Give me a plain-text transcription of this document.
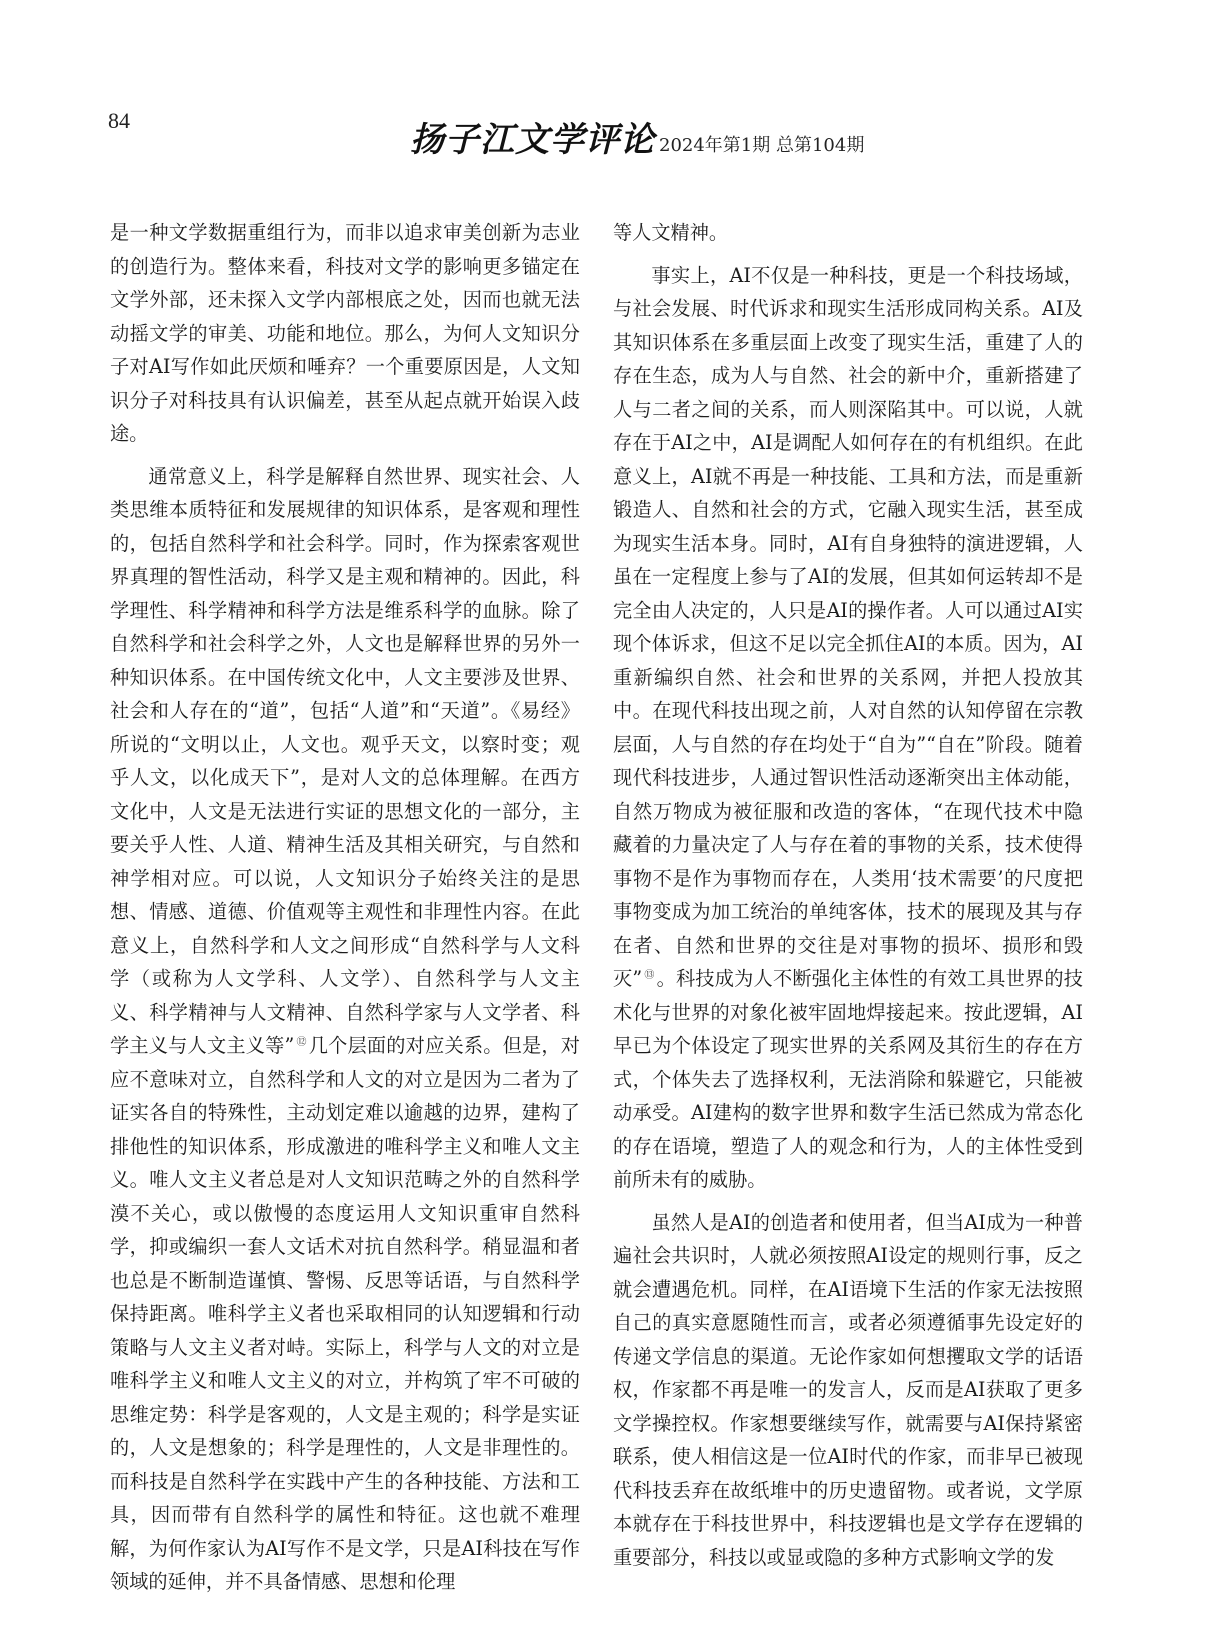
84	扬子江文学评论 2024年第1期 总第104期

是一种文学数据重组行为，而非以追求审美创新为志业的创造行为。整体来看，科技对文学的影响更多锚定在文学外部，还未探入文学内部根底之处，因而也就无法动摇文学的审美、功能和地位。那么，为何人文知识分子对AI写作如此厌烦和唾弃？一个重要原因是，人文知识分子对科技具有认识偏差，甚至从起点就开始误入歧途。

通常意义上，科学是解释自然世界、现实社会、人类思维本质特征和发展规律的知识体系，是客观和理性的，包括自然科学和社会科学。同时，作为探索客观世界真理的智性活动，科学又是主观和精神的。因此，科学理性、科学精神和科学方法是维系科学的血脉。除了自然科学和社会科学之外，人文也是解释世界的另外一种知识体系。在中国传统文化中，人文主要涉及世界、社会和人存在的“道”，包括“人道”和“天道”。《易经》所说的“文明以止，人文也。观乎天文，以察时变；观乎人文，以化成天下”，是对人文的总体理解。在西方文化中，人文是无法进行实证的思想文化的一部分，主要关乎人性、人道、精神生活及其相关研究，与自然和神学相对应。可以说，人文知识分子始终关注的是思想、情感、道德、价值观等主观性和非理性内容。在此意义上，自然科学和人文之间形成“自然科学与人文科学（或称为人文学科、人文学）、自然科学与人文主义、科学精神与人文精神、自然科学家与人文学者、科学主义与人文主义等” ⑫ 几个层面的对应关系。但是，对应不意味对立，自然科学和人文的对立是因为二者为了证实各自的特殊性，主动划定难以逾越的边界，建构了排他性的知识体系，形成激进的唯科学主义和唯人文主义。唯人文主义者总是对人文知识范畴之外的自然科学漠不关心，或以傲慢的态度运用人文知识重审自然科学，抑或编织一套人文话术对抗自然科学。稍显温和者也总是不断制造谨慎、警惕、反思等话语，与自然科学保持距离。唯科学主义者也采取相同的认知逻辑和行动策略与人文主义者对峙。实际上，科学与人文的对立是唯科学主义和唯人文主义的对立，并构筑了牢不可破的思维定势：科学是客观的，人文是主观的；科学是实证的，人文是想象的；科学是理性的，人文是非理性的。而科技是自然科学在实践中产生的各种技能、方法和工具，因而带有自然科学的属性和特征。这也就不难理解，为何作家认为AI写作不是文学，只是AI科技在写作领域的延伸，并不具备情感、思想和伦理

等人文精神。

事实上，AI不仅是一种科技，更是一个科技场域，与社会发展、时代诉求和现实生活形成同构关系。AI及其知识体系在多重层面上改变了现实生活，重建了人的存在生态，成为人与自然、社会的新中介，重新搭建了人与二者之间的关系，而人则深陷其中。可以说，人就存在于AI之中，AI是调配人如何存在的有机组织。在此意义上，AI就不再是一种技能、工具和方法，而是重新锻造人、自然和社会的方式，它融入现实生活，甚至成为现实生活本身。同时，AI有自身独特的演进逻辑，人虽在一定程度上参与了AI的发展，但其如何运转却不是完全由人决定的，人只是AI的操作者。人可以通过AI实现个体诉求，但这不足以完全抓住AI的本质。因为，AI重新编织自然、社会和世界的关系网，并把人投放其中。在现代科技出现之前，人对自然的认知停留在宗教层面，人与自然的存在均处于“自为”“自在”阶段。随着现代科技进步，人通过智识性活动逐渐突出主体动能，自然万物成为被征服和改造的客体，“在现代技术中隐藏着的力量决定了人与存在着的事物的关系，技术使得事物不是作为事物而存在，人类用‘技术需要’的尺度把事物变成为加工统治的单纯客体，技术的展现及其与存在者、自然和世界的交往是对事物的损坏、损形和毁灭” ⑬ 。科技成为人不断强化主体性的有效工具世界的技术化与世界的对象化被牢固地焊接起来。按此逻辑，AI早已为个体设定了现实世界的关系网及其衍生的存在方式，个体失去了选择权利，无法消除和躲避它，只能被动承受。AI建构的数字世界和数字生活已然成为常态化的存在语境，塑造了人的观念和行为，人的主体性受到前所未有的威胁。

虽然人是AI的创造者和使用者，但当AI成为一种普遍社会共识时，人就必须按照AI设定的规则行事，反之就会遭遇危机。同样，在AI语境下生活的作家无法按照自己的真实意愿随性而言，或者必须遵循事先设定好的传递文学信息的渠道。无论作家如何想攫取文学的话语权，作家都不再是唯一的发言人，反而是AI获取了更多文学操控权。作家想要继续写作，就需要与AI保持紧密联系，使人相信这是一位AI时代的作家，而非早已被现代科技丢弃在故纸堆中的历史遗留物。或者说，文学原本就存在于科技世界中，科技逻辑也是文学存在逻辑的重要部分，科技以或显或隐的多种方式影响文学的发
